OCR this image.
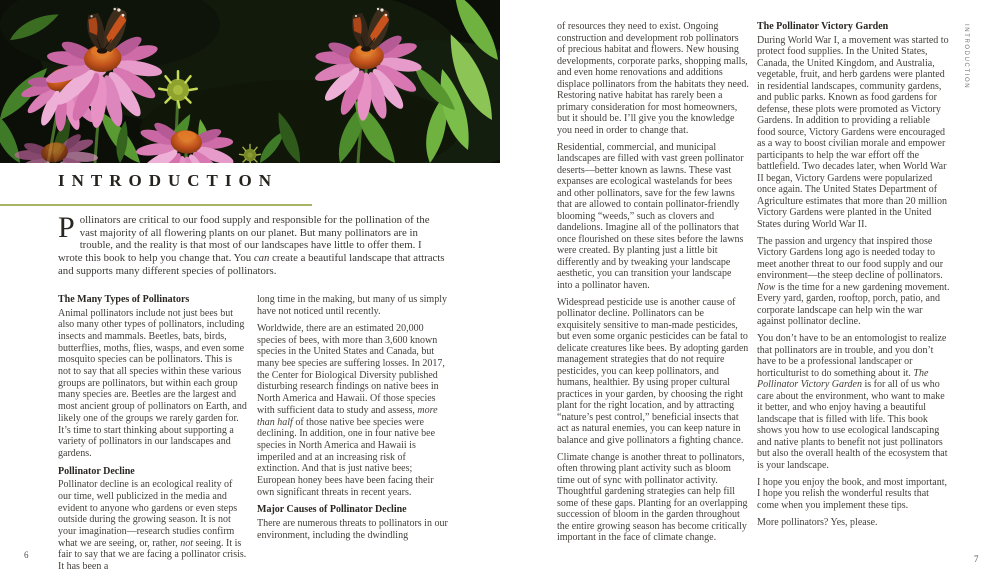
INTRODUCTION

Pollinators are critical to our food supply and responsible for the pollination of the vast majority of all flowering plants on our planet. But many pollinators are in trouble, and the reality is that most of our landscapes have little to offer them. I wrote this book to help you change that. You can create a beautiful landscape that attracts and supports many different species of pollinators.

The Many Types of Pollinators

Animal pollinators include not just bees but also many other types of pollinators, including insects and mammals. Beetles, bats, birds, butterflies, moths, flies, wasps, and even some mosquito species can be pollinators. This is not to say that all species within these various groups are pollinators, but within each group many species are. Beetles are the largest and most ancient group of pollinators on Earth, and likely one of the groups we rarely garden for. It’s time to start thinking about supporting a variety of pollinators in our landscapes and gardens.

Pollinator Decline

Pollinator decline is an ecological reality of our time, well publicized in the media and evident to anyone who gardens or even steps outside during the growing season. It is not your imagination—research studies confirm what we are seeing, or, rather, not seeing. It is fair to say that we are facing a pollinator crisis. It has been a

long time in the making, but many of us simply have not noticed until recently.

Worldwide, there are an estimated 20,000 species of bees, with more than 3,600 known species in the United States and Canada, but many bee species are suffering losses. In 2017, the Center for Biological Diversity published disturbing research findings on native bees in North America and Hawaii. Of those species with sufficient data to study and assess, more than half of those native bee species were declining. In addition, one in four native bee species in North America and Hawaii is imperiled and at an increasing risk of extinction. And that is just native bees; European honey bees have been facing their own significant threats in recent years.

Major Causes of Pollinator Decline

There are numerous threats to pollinators in our environment, including the dwindling

6

of resources they need to exist. Ongoing construction and development rob pollinators of precious habitat and flowers. New housing developments, corporate parks, shopping malls, and even home renovations and additions displace pollinators from the habitats they need. Restoring native habitat has rarely been a primary consideration for most homeowners, but it should be. I’ll give you the knowledge you need in order to change that.

Residential, commercial, and municipal landscapes are filled with vast green pollinator deserts—better known as lawns. These vast expanses are ecological wastelands for bees and other pollinators, save for the few lawns that are allowed to contain pollinator-friendly blooming “weeds,” such as clovers and dandelions. Imagine all of the pollinators that once flourished on these sites before the lawns were created. By planting just a little bit differently and by tweaking your landscape aesthetic, you can transition your landscape into a pollinator haven.

Widespread pesticide use is another cause of pollinator decline. Pollinators can be exquisitely sensitive to man-made pesticides, but even some organic pesticides can be fatal to delicate creatures like bees. By adopting garden management strategies that do not require pesticides, you can keep pollinators, and humans, healthier. By using proper cultural practices in your garden, by choosing the right plant for the right location, and by attracting “nature’s pest control,” beneficial insects that act as natural enemies, you can keep nature in balance and give pollinators a fighting chance.

Climate change is another threat to pollinators, often throwing plant activity such as bloom time out of sync with pollinator activity. Thoughtful gardening strategies can help fill some of these gaps. Planting for an overlapping succession of bloom in the garden throughout the entire growing season has become critically important in the face of climate change.

The Pollinator Victory Garden

During World War I, a movement was started to protect food supplies. In the United States, Canada, the United Kingdom, and Australia, vegetable, fruit, and herb gardens were planted in residential landscapes, community gardens, and public parks. Known as food gardens for defense, these plots were promoted as Victory Gardens. In addition to providing a reliable food source, Victory Gardens were encouraged as a way to boost civilian morale and empower participants to help the war effort off the battlefield. Two decades later, when World War II began, Victory Gardens were popularized once again. The United States Department of Agriculture estimates that more than 20 million Victory Gardens were planted in the United States during World War II.

The passion and urgency that inspired those Victory Gardens long ago is needed today to meet another threat to our food supply and our environment—the steep decline of pollinators. Now is the time for a new gardening movement. Every yard, garden, rooftop, porch, patio, and corporate landscape can help win the war against pollinator decline.

You don’t have to be an entomologist to realize that pollinators are in trouble, and you don’t have to be a professional landscaper or horticulturist to do something about it. The Pollinator Victory Garden is for all of us who care about the environment, who want to make it better, and who enjoy having a beautiful landscape that is filled with life. This book shows you how to use ecological landscaping and native plants to benefit not just pollinators but also the overall health of the ecosystem that is your landscape.

I hope you enjoy the book, and most important, I hope you relish the wonderful results that come when you implement these tips.

More pollinators? Yes, please.

INTRODUCTION
7
